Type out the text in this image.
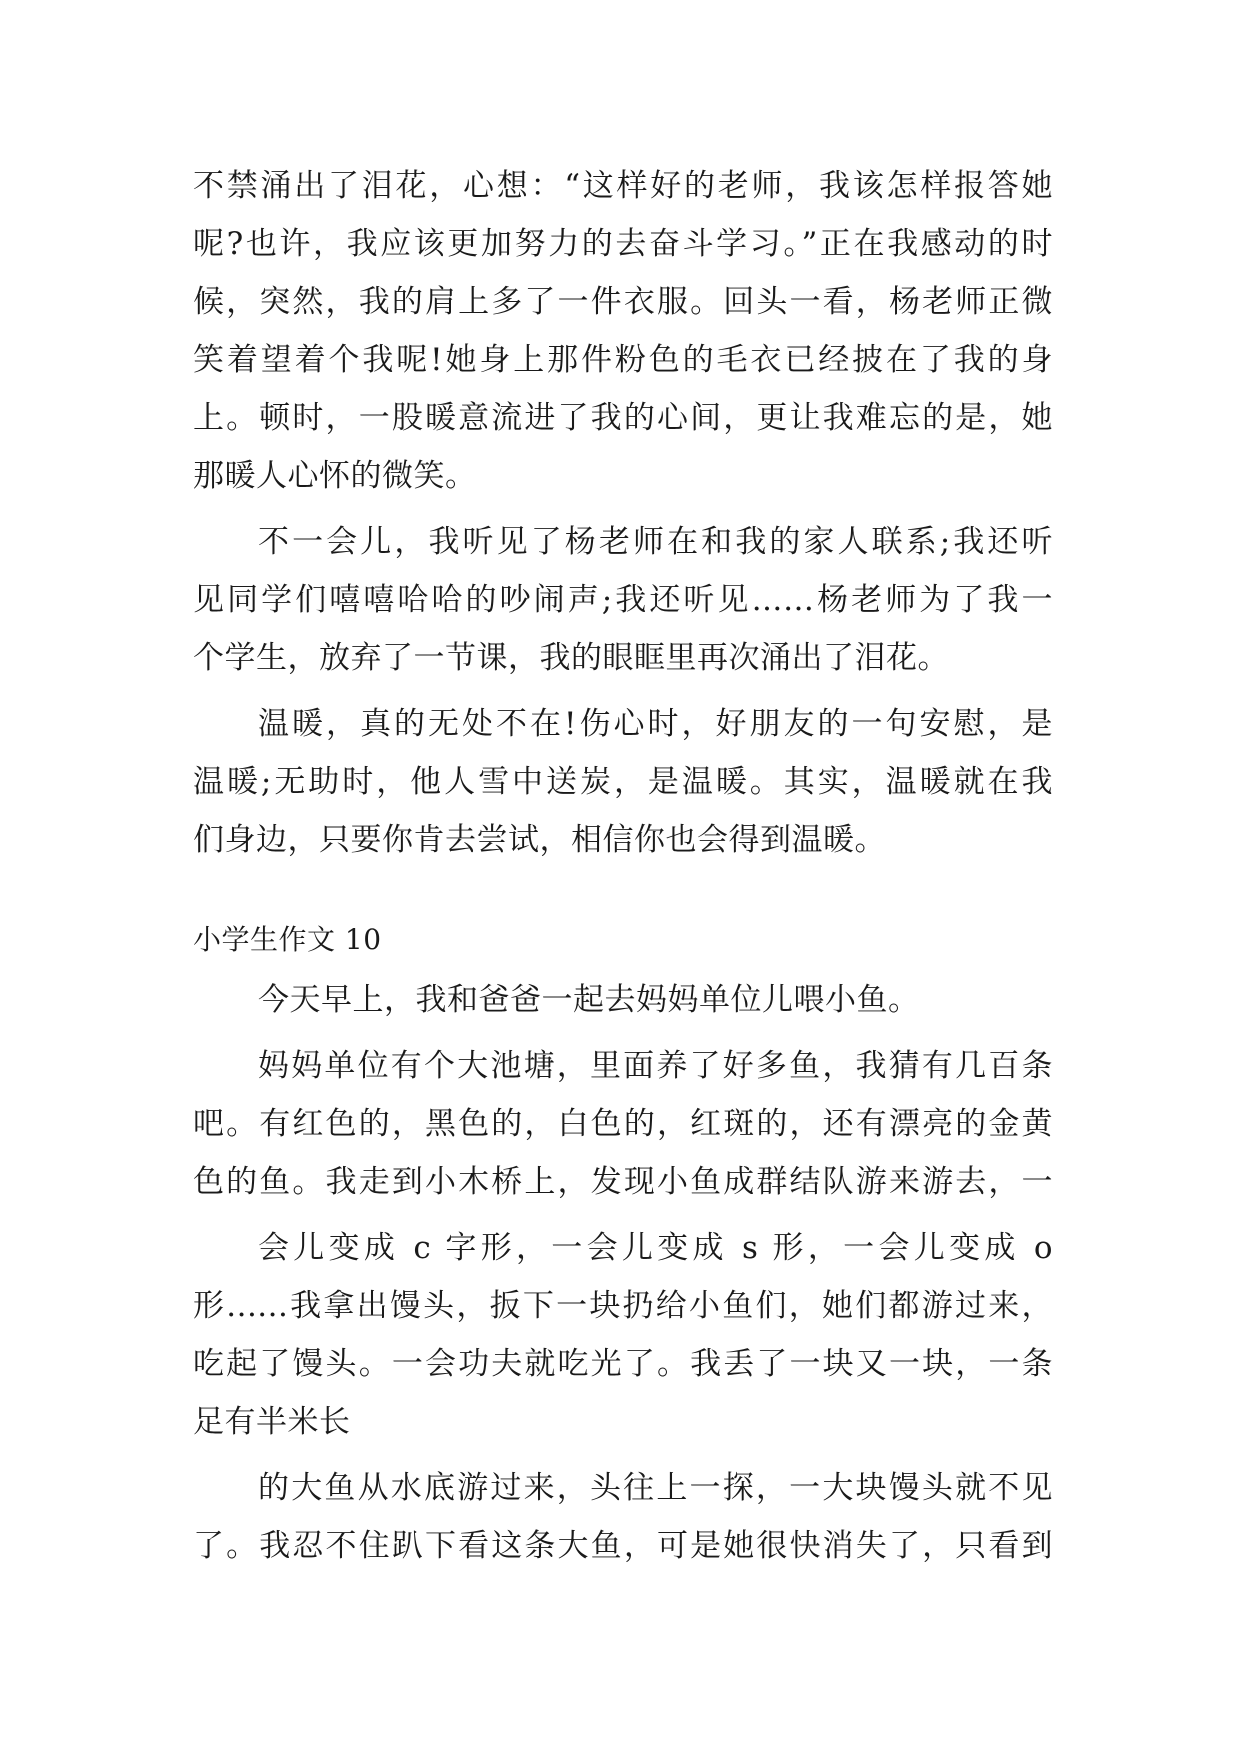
不禁涌出了泪花，心想：“这样好的老师，我该怎样报答她
呢?也许，我应该更加努力的去奋斗学习。”正在我感动的时
候，突然，我的肩上多了一件衣服。回头一看，杨老师正微
笑着望着个我呢!她身上那件粉色的毛衣已经披在了我的身
上。顿时，一股暖意流进了我的心间，更让我难忘的是，她
那暖人心怀的微笑。
不一会儿，我听见了杨老师在和我的家人联系;我还听
见同学们嘻嘻哈哈的吵闹声;我还听见……杨老师为了我一
个学生，放弃了一节课，我的眼眶里再次涌出了泪花。
温暖，真的无处不在!伤心时，好朋友的一句安慰，是
温暖;无助时，他人雪中送炭，是温暖。其实，温暖就在我
们身边，只要你肯去尝试，相信你也会得到温暖。
小学生作文 10
今天早上，我和爸爸一起去妈妈单位儿喂小鱼。
妈妈单位有个大池塘，里面养了好多鱼，我猜有几百条
吧。有红色的，黑色的，白色的，红斑的，还有漂亮的金黄
色的鱼。我走到小木桥上，发现小鱼成群结队游来游去，一
会儿变成 c 字形，一会儿变成 s 形，一会儿变成 o
形......我拿出馒头，扳下一块扔给小鱼们，她们都游过来，
吃起了馒头。一会功夫就吃光了。我丢了一块又一块，一条
足有半米长
的大鱼从水底游过来，头往上一探，一大块馒头就不见
了。我忍不住趴下看这条大鱼，可是她很快消失了，只看到
